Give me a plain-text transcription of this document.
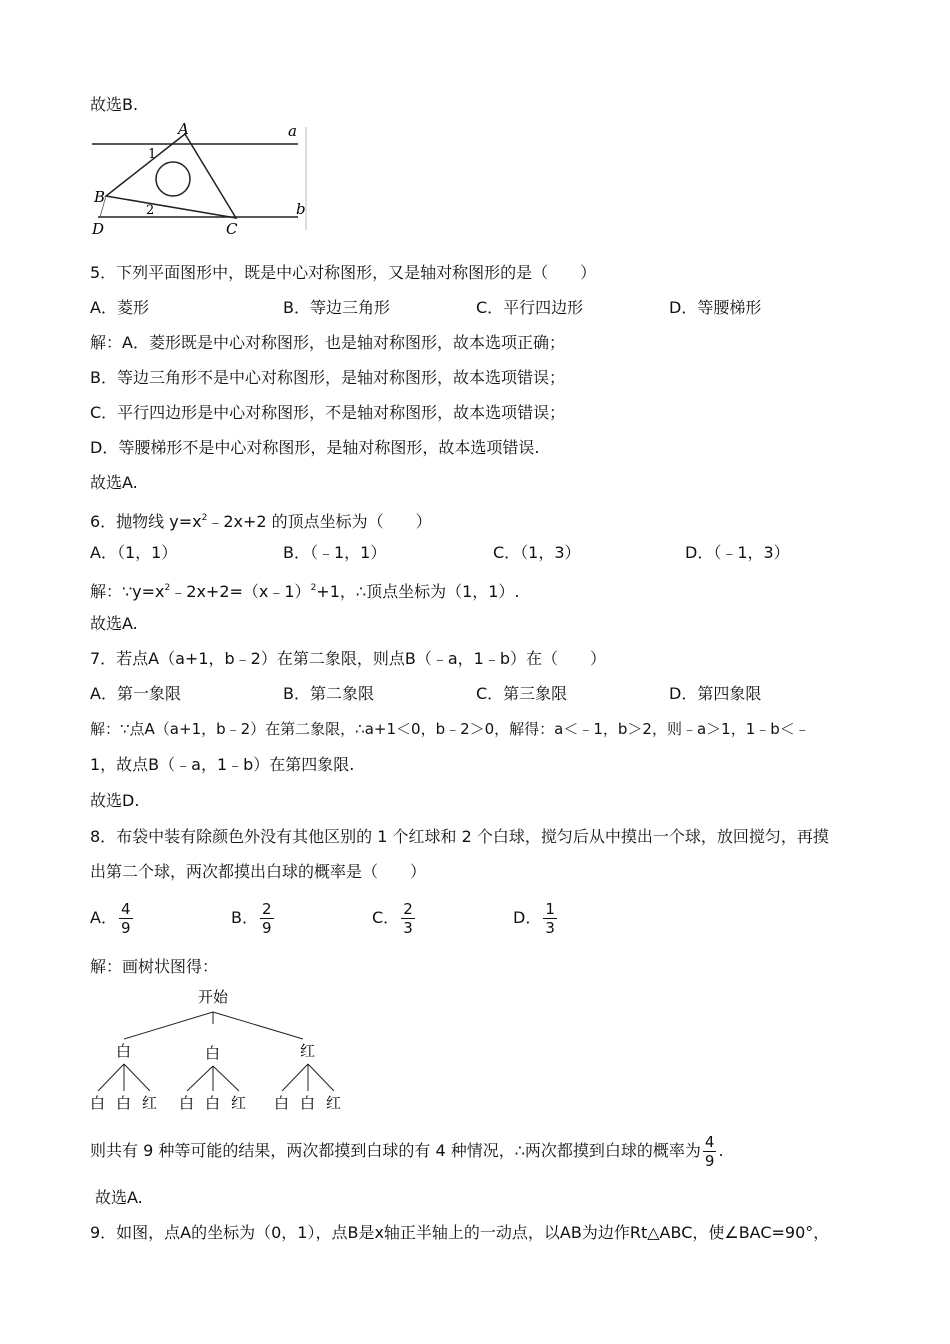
故选B.
A	a
1
B
2	b
D	C
5．下列平面图形中，既是中心对称图形，又是轴对称图形的是（　　）
A．菱形	B．等边三角形	C．平行四边形	D．等腰梯形
解：A．菱形既是中心对称图形，也是轴对称图形，故本选项正确；
B．等边三角形不是中心对称图形，是轴对称图形，故本选项错误；
C．平行四边形是中心对称图形，不是轴对称图形，故本选项错误；
D．等腰梯形不是中心对称图形，是轴对称图形，故本选项错误.
故选A.
6．抛物线 $y=x^2﹣2x+2$ 的顶点坐标为（　　）
A．（1，1）	B．（﹣1，1）	C．（1，3）	D．（﹣1，3）
解：$\because y=x^2﹣2x+2=(x﹣1)^2+1$，∴顶点坐标为（1，1）.
故选A.
7．若点A（a+1，b﹣2）在第二象限，则点B（﹣a，1﹣b）在（　　）
A．第一象限	B．第二象限	C．第三象限	D．第四象限
解：∵点A（a+1，b﹣2）在第二象限，∴a+1＜0，b﹣2＞0，解得：a＜﹣1，b＞2，则﹣a＞1，1﹣b＜﹣
1，故点B（﹣a，1﹣b）在第四象限.
故选D.
8．布袋中装有除颜色外没有其他区别的 1 个红球和 2 个白球，搅匀后从中摸出一个球，放回搅匀，再摸
出第二个球，两次都摸出白球的概率是（　　）
A． $\frac{4}{9}$	B． $\frac{2}{9}$	C． $\frac{2}{3}$	D． $\frac{1}{3}$
解：画树状图得：
开始
白	白	红
白 白 红 白 白 红 白 白 红
则共有 9 种等可能的结果，两次都摸到白球的有 4 种情况，∴两次都摸到白球的概率为 $\frac{4}{9}$ .
故选A.
9．如图，点A的坐标为（0，1），点B是x轴正半轴上的一动点，以AB为边作Rt△ABC，使∠BAC=90°，
